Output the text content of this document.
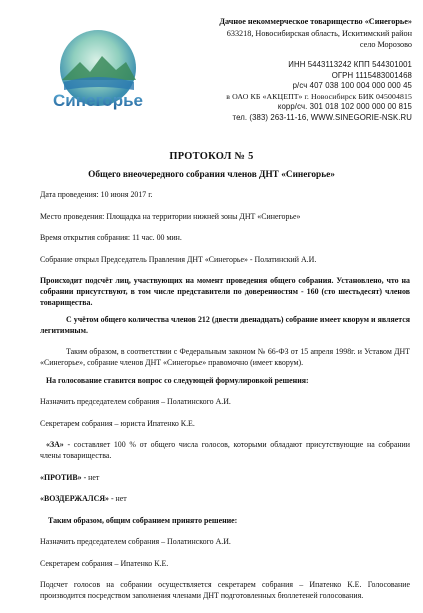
Синегорье
Дачное некоммерческое товарищество «Синегорье»
633218, Новосибирская область, Искитимский район
село Морозово
ИНН 5443113242 КПП 544301001
ОГРН 1115483001468
р/сч 407 038 100 004 000 000 45
в ОАО КБ «АКЦЕПТ» г. Новосибирск БИК 045004815
корр/сч. 301 018 102 000 000 00 815
тел. (383) 263-11-16, WWW.SINEGORIE-NSK.RU
ПРОТОКОЛ № 5
Общего внеочередного собрания членов ДНТ «Синегорье»

Дата проведения: 10 июня 2017 г.

Место проведения: Площадка на территории нижней зоны ДНТ «Синегорье»

Время открытия собрания: 11 час. 00 мин.

Собрание открыл Председатель Правления ДНТ «Синегорье» - Полатинский А.И.

Происходит подсчёт лиц, участвующих на момент проведения общего собрания. Установлено, что на собрании присутствуют, в том числе представители по доверенностям - 160 (сто шестьдесят) членов товарищества.

С учётом общего количества членов 212 (двести двенадцать) собрание имеет кворум и является легитимным.

Таким образом, в соответствии с Федеральным законом № 66-ФЗ от 15 апреля 1998г. и Уставом ДНТ «Синегорье», собрание членов ДНТ «Синегорье» правомочно (имеет кворум).

На голосование ставится вопрос со следующей формулировкой решения:

Назначить председателем собрания – Полатинского А.И.

Секретарем собрания – юриста Ипатенко К.Е.

«ЗА» - составляет 100 % от общего числа голосов, которыми обладают присутствующие на собрании члены товарищества.

«ПРОТИВ» - нет

«ВОЗДЕРЖАЛСЯ» - нет

Таким образом, общим собранием принято решение:

Назначить председателем собрания – Полатинского А.И.

Секретарем собрания – Ипатенко К.Е.

Подсчет голосов на собрании осуществляется секретарем собрания – Ипатенко К.Е. Голосование производится посредством заполнения членами ДНТ подготовленных бюллетеней голосования.
